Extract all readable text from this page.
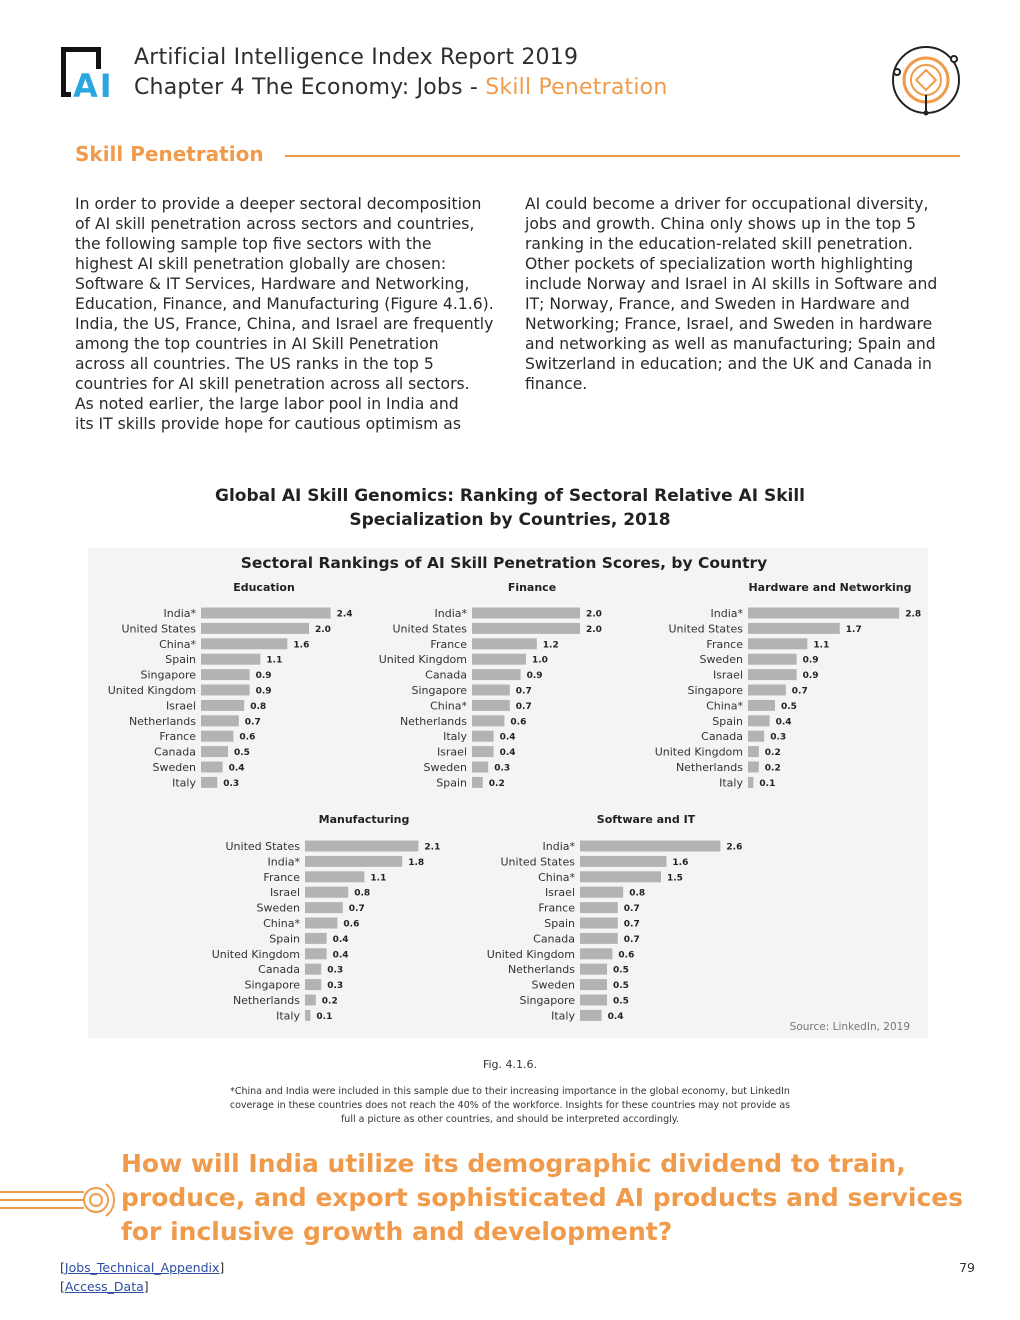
AI
Artificial Intelligence Index Report 2019
Chapter 4 The Economy: Jobs - Skill Penetration
Skill Penetration
In order to provide a deeper sectoral decomposition
of AI skill penetration across sectors and countries,
the following sample top five sectors with the
highest AI skill penetration globally are chosen:
Software & IT Services, Hardware and Networking,
Education, Finance, and Manufacturing (Figure 4.1.6).
India, the US, France, China, and Israel are frequently
among the top countries in AI Skill Penetration
across all countries. The US ranks in the top 5
countries for AI skill penetration across all sectors.
As noted earlier, the large labor pool in India and
its IT skills provide hope for cautious optimism as
AI could become a driver for occupational diversity,
jobs and growth. China only shows up in the top 5
ranking in the education-related skill penetration.
Other pockets of specialization worth highlighting
include Norway and Israel in AI skills in Software and
IT; Norway, France, and Sweden in Hardware and
Networking; France, Israel, and Sweden in hardware
and networking as well as manufacturing; Spain and
Switzerland in education; and the UK and Canada in
finance.
Global AI Skill Genomics: Ranking of Sectoral Relative AI Skill
Specialization by Countries, 2018
Sectoral Rankings of AI Skill Penetration Scores, by Country
Education
India*	2.4
United States	2.0
China*	1.6
Spain	1.1
Singapore	0.9
United Kingdom	0.9
Israel	0.8
Netherlands	0.7
France	0.6
Canada	0.5
Sweden	0.4
Italy	0.3
Finance
India*	2.0
United States	2.0
France	1.2
United Kingdom	1.0
Canada	0.9
Singapore	0.7
China*	0.7
Netherlands	0.6
Italy	0.4
Israel	0.4
Sweden	0.3
Spain 0.2
Hardware and Networking
India*	2.8
United States	1.7
France	1.1
Sweden	0.9
Israel	0.9
Singapore	0.7
China*	0.5
Spain	0.4
Canada	0.3
United Kingdom 0.2
Netherlands 0.2
Italy 0.1
Manufacturing
United States	2.1
India*	1.8
France	1.1
Israel	0.8
Sweden	0.7
China*	0.6
Spain	0.4
United Kingdom	0.4
Canada	0.3
Singapore	0.3
Netherlands 0.2
Italy 0.1
Software and IT
India*	2.6
United States	1.6
China*	1.5
Israel	0.8
France	0.7
Spain	0.7
Canada	0.7
United Kingdom	0.6
Netherlands	0.5
Sweden	0.5
Singapore	0.5
Italy	0.4
Source: LinkedIn, 2019
Fig. 4.1.6.
*China and India were included in this sample due to their increasing importance in the global economy, but LinkedIn
coverage in these countries does not reach the 40% of the workforce. Insights for these countries may not provide as
full a picture as other countries, and should be interpreted accordingly.
How will India utilize its demographic dividend to train, produce, and export sophisticated AI products and services for inclusive growth and development?
[Jobs_Technical_Appendix]
[Access_Data]
79
